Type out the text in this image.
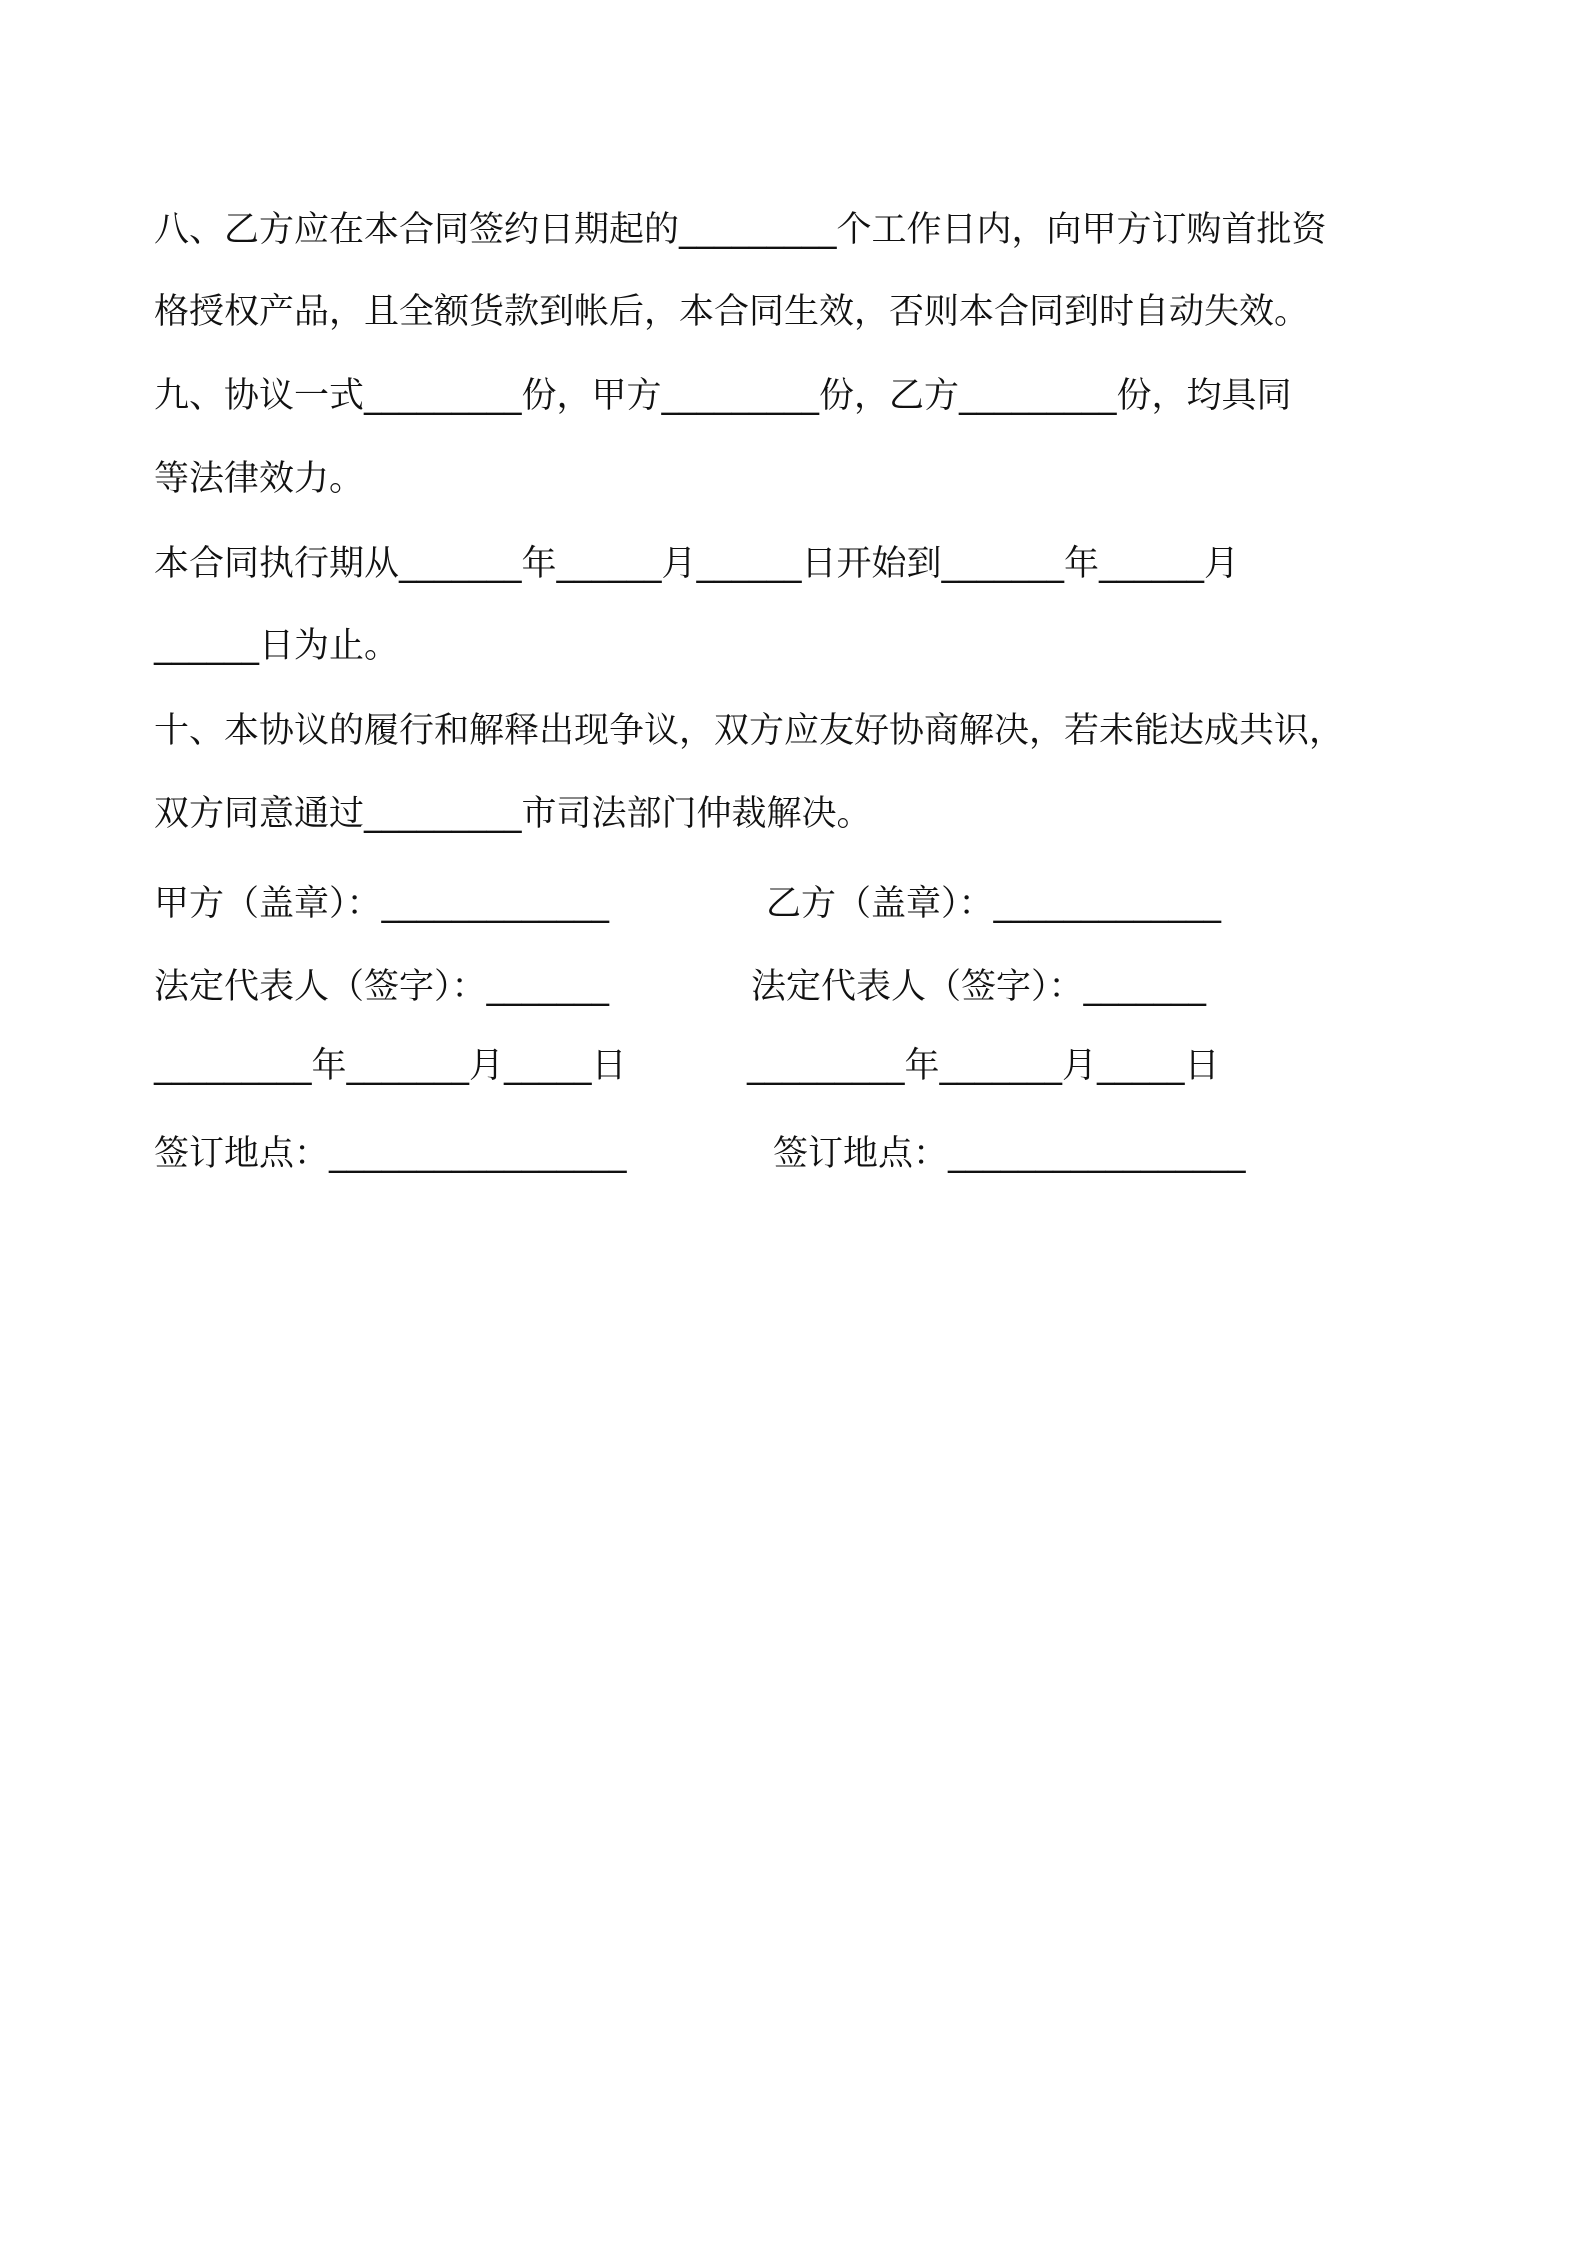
八、乙方应在本合同签约日期起的_________个工作日内，向甲方订购首批资
格授权产品，且全额货款到帐后，本合同生效，否则本合同到时自动失效。
九、协议一式_________份，甲方_________份，乙方_________份，均具同
等法律效力。
本合同执行期从_______年______月______日开始到_______年______月
______日为止。
十、本协议的履行和解释出现争议，双方应友好协商解决，若未能达成共识，
双方同意通过_________市司法部门仲裁解决。
甲方（盖章）：_____________	乙方（盖章）：_____________
法定代表人（签字）：_______	法定代表人（签字）：_______
_________年_______月_____日	_________年_______月_____日
签订地点：_________________	签订地点：_________________
